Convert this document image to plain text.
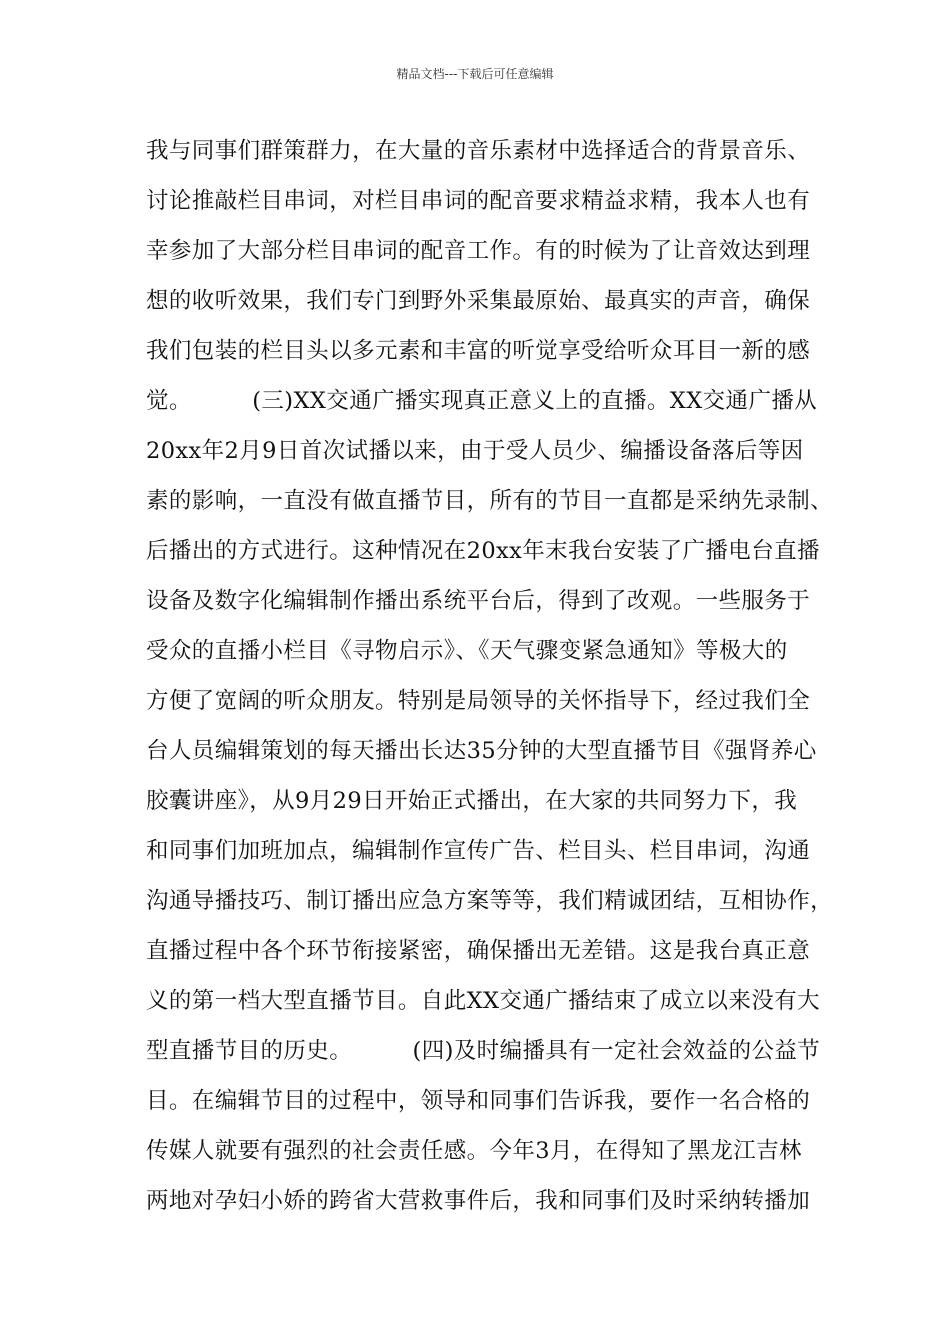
精品文档---下载后可任意编辑
我与同事们群策群力，在大量的音乐素材中选择适合的背景音乐、
讨论推敲栏目串词，对栏目串词的配音要求精益求精，我本人也有
幸参加了大部分栏目串词的配音工作。有的时候为了让音效达到理
想的收听效果，我们专门到野外采集最原始、最真实的声音，确保
我们包装的栏目头以多元素和丰富的听觉享受给听众耳目一新的感
觉。        (三)XX交通广播实现真正意义上的直播。XX交通广播从
20xx年2月9日首次试播以来，由于受人员少、编播设备落后等因
素的影响，一直没有做直播节目，所有的节目一直都是采纳先录制、
后播出的方式进行。这种情况在20xx年末我台安装了广播电台直播
设备及数字化编辑制作播出系统平台后，得到了改观。一些服务于
受众的直播小栏目《寻物启示》、《天气骤变紧急通知》等极大的
方便了宽阔的听众朋友。特别是局领导的关怀指导下，经过我们全
台人员编辑策划的每天播出长达35分钟的大型直播节目《强肾养心
胶囊讲座》，从9月29日开始正式播出，在大家的共同努力下，我
和同事们加班加点，编辑制作宣传广告、栏目头、栏目串词，沟通
沟通导播技巧、制订播出应急方案等等，我们精诚团结，互相协作，
直播过程中各个环节衔接紧密，确保播出无差错。这是我台真正意
义的第一档大型直播节目。自此XX交通广播结束了成立以来没有大
型直播节目的历史。        (四)及时编播具有一定社会效益的公益节
目。在编辑节目的过程中，领导和同事们告诉我，要作一名合格的
传媒人就要有强烈的社会责任感。今年3月，在得知了黑龙江吉林
两地对孕妇小娇的跨省大营救事件后，我和同事们及时采纳转播加
